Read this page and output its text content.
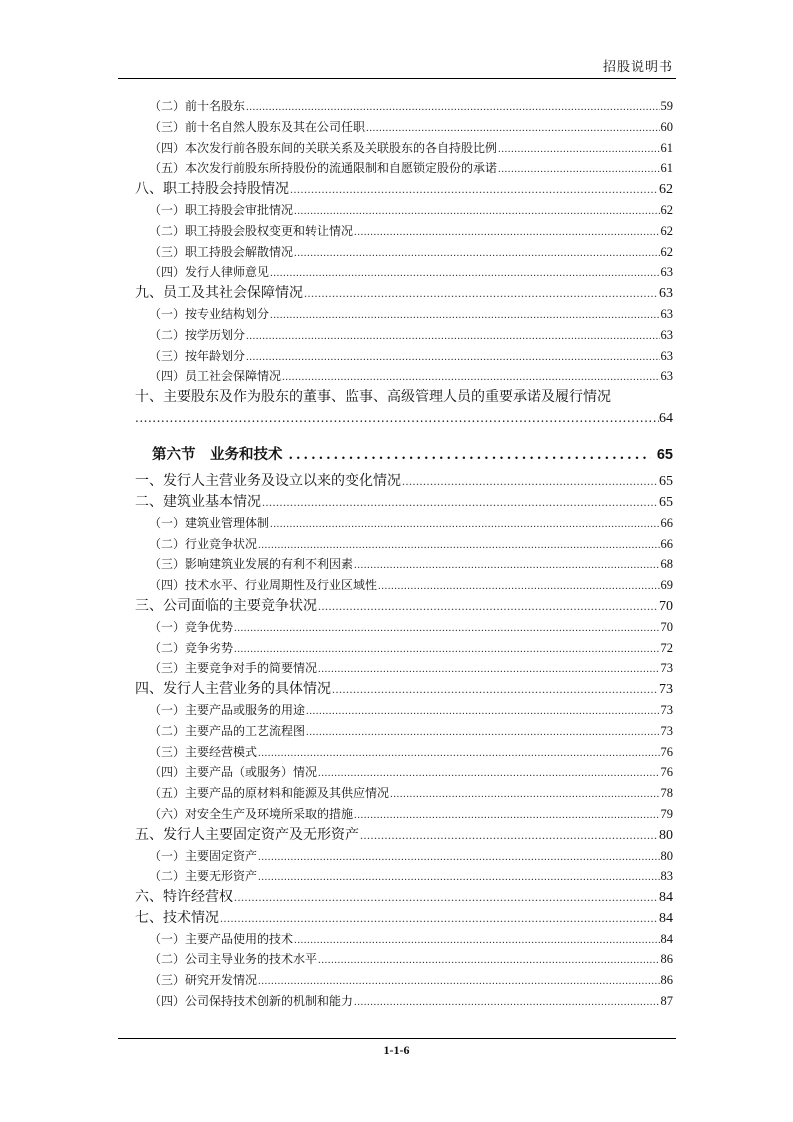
招股说明书
（二）前十名股东 .....	59
（三）前十名自然人股东及其在公司任职 .....	60
（四）本次发行前各股东间的关联关系及关联股东的各自持股比例 .....	61
（五）本次发行前股东所持股份的流通限制和自愿锁定股份的承诺 .....	61
八、职工持股会持股情况 .....	62
（一）职工持股会审批情况 .....	62
（二）职工持股会股权变更和转让情况 .....	62
（三）职工持股会解散情况 .....	62
（四）发行人律师意见 .....	63
九、员工及其社会保障情况 .....	63
（一）按专业结构划分 .....	63
（二）按学历划分 .....	63
（三）按年龄划分 .....	63
（四）员工社会保障情况 .....	63
十、主要股东及作为股东的董事、监事、高级管理人员的重要承诺及履行情况
.....
64
第六节　业务和技术 .....	65
一、发行人主营业务及设立以来的变化情况 .....	65
二、建筑业基本情况 .....	65
（一）建筑业管理体制 .....	66
（二）行业竞争状况 .....	66
（三）影响建筑业发展的有利不利因素 .....	68
（四）技术水平、行业周期性及行业区域性 .....	69
三、公司面临的主要竞争状况 .....	70
（一）竞争优势 .....	70
（二）竞争劣势 .....	72
（三）主要竞争对手的简要情况 .....	73
四、发行人主营业务的具体情况 .....	73
（一）主要产品或服务的用途 .....	73
（二）主要产品的工艺流程图 .....	73
（三）主要经营模式 .....	76
（四）主要产品（或服务）情况 .....	76
（五）主要产品的原材料和能源及其供应情况 .....	78
（六）对安全生产及环境所采取的措施 .....	79
五、发行人主要固定资产及无形资产 .....	80
（一）主要固定资产 .....	80
（二）主要无形资产 .....	83
六、特许经营权 .....	84
七、技术情况 .....	84
（一）主要产品使用的技术 .....	84
（二）公司主导业务的技术水平 .....	86
（三）研究开发情况 .....	86
（四）公司保持技术创新的机制和能力 .....	87
1-1-6
